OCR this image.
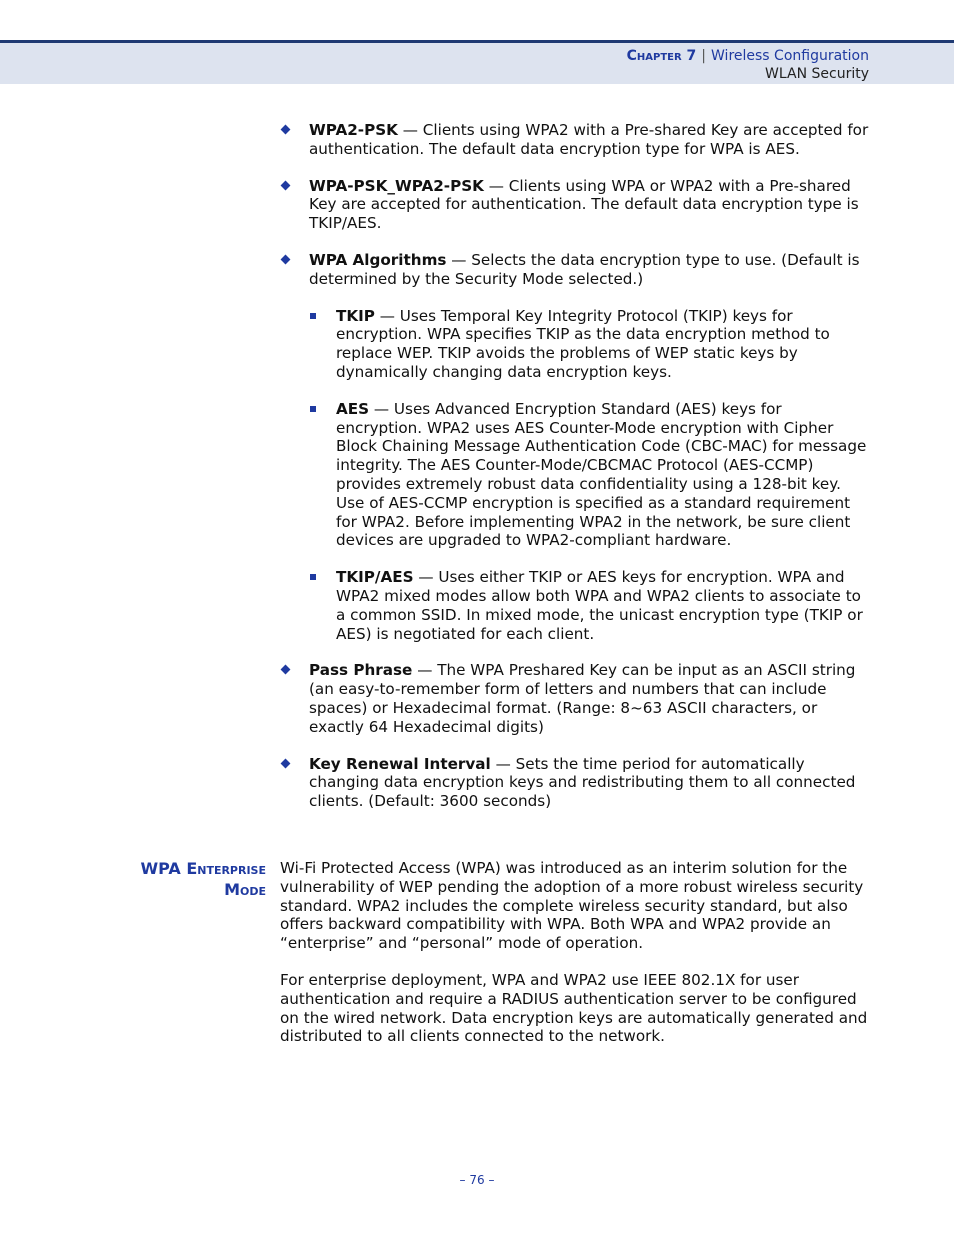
Chapter 7 | Wireless Configuration
WLAN Security
WPA2-PSK — Clients using WPA2 with a Pre-shared Key are accepted for authentication. The default data encryption type for WPA is AES.
WPA-PSK_WPA2-PSK — Clients using WPA or WPA2 with a Pre-shared Key are accepted for authentication. The default data encryption type is TKIP/AES.
WPA Algorithms — Selects the data encryption type to use. (Default is determined by the Security Mode selected.)
TKIP — Uses Temporal Key Integrity Protocol (TKIP) keys for encryption. WPA specifies TKIP as the data encryption method to replace WEP. TKIP avoids the problems of WEP static keys by dynamically changing data encryption keys.
AES — Uses Advanced Encryption Standard (AES) keys for encryption. WPA2 uses AES Counter-Mode encryption with Cipher Block Chaining Message Authentication Code (CBC-MAC) for message integrity. The AES Counter-Mode/CBCMAC Protocol (AES-CCMP) provides extremely robust data confidentiality using a 128-bit key. Use of AES-CCMP encryption is specified as a standard requirement for WPA2. Before implementing WPA2 in the network, be sure client devices are upgraded to WPA2-compliant hardware.
TKIP/AES — Uses either TKIP or AES keys for encryption. WPA and WPA2 mixed modes allow both WPA and WPA2 clients to associate to a common SSID. In mixed mode, the unicast encryption type (TKIP or AES) is negotiated for each client.
Pass Phrase — The WPA Preshared Key can be input as an ASCII string (an easy-to-remember form of letters and numbers that can include spaces) or Hexadecimal format. (Range: 8~63 ASCII characters, or exactly 64 Hexadecimal digits)
Key Renewal Interval — Sets the time period for automatically changing data encryption keys and redistributing them to all connected clients. (Default: 3600 seconds)
WPA Enterprise
Mode

Wi-Fi Protected Access (WPA) was introduced as an interim solution for the vulnerability of WEP pending the adoption of a more robust wireless security standard. WPA2 includes the complete wireless security standard, but also offers backward compatibility with WPA. Both WPA and WPA2 provide an “enterprise” and “personal” mode of operation.

For enterprise deployment, WPA and WPA2 use IEEE 802.1X for user authentication and require a RADIUS authentication server to be configured on the wired network. Data encryption keys are automatically generated and distributed to all clients connected to the network.

– 76 –
